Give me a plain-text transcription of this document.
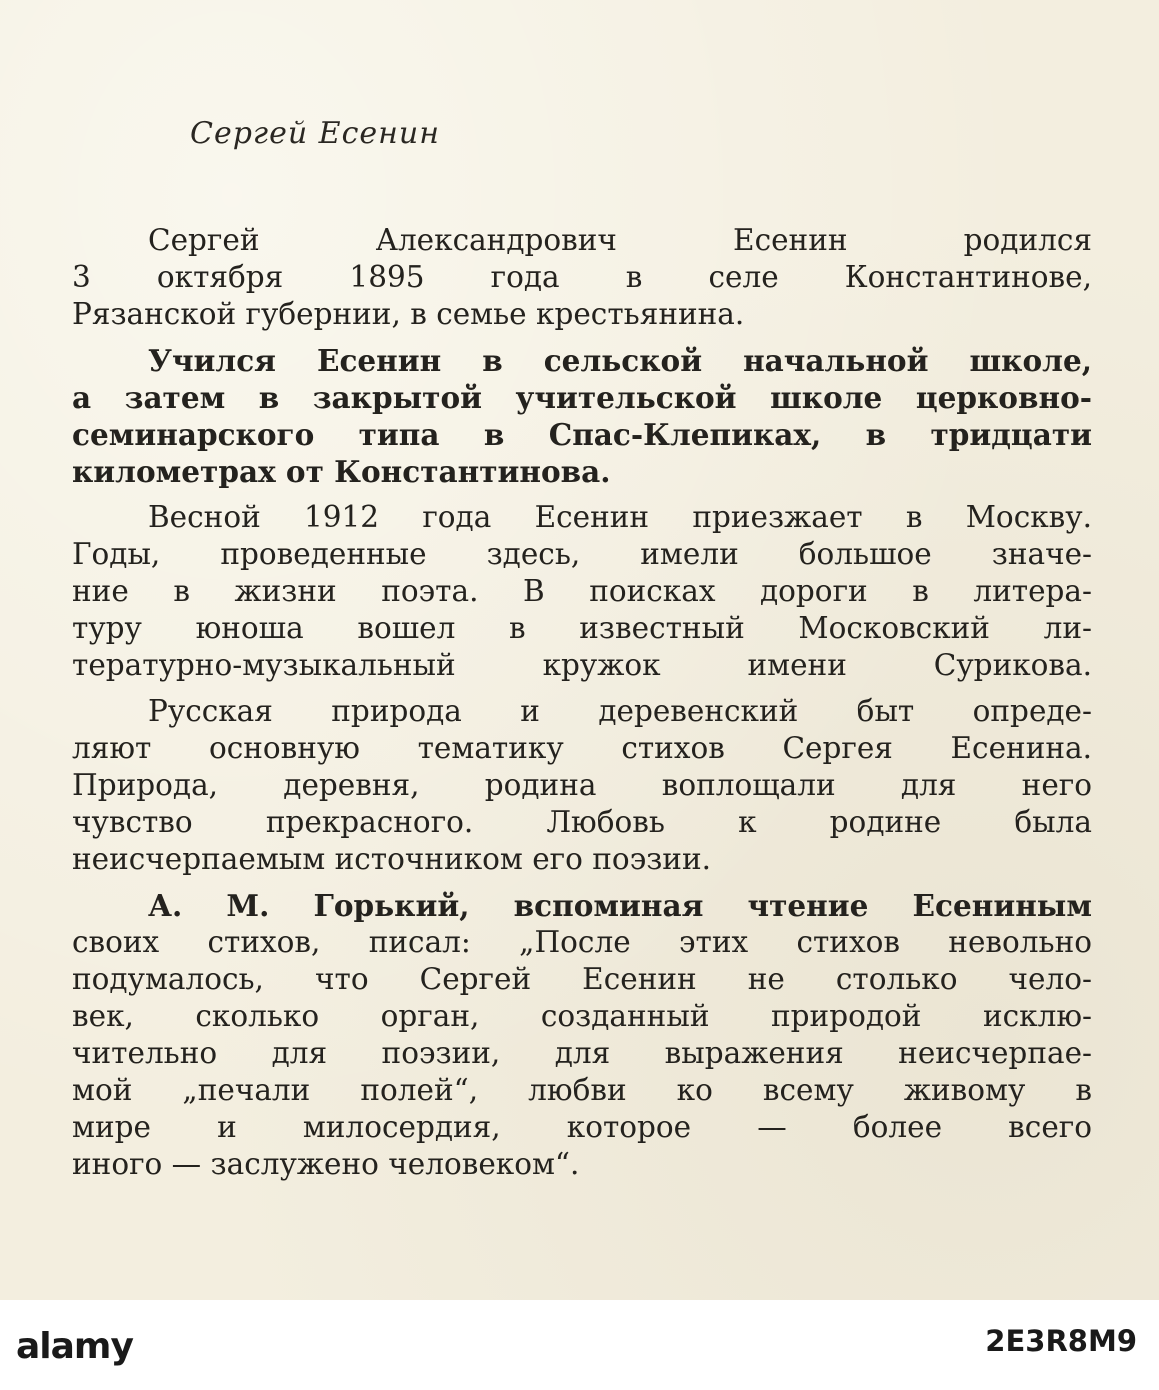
Сергей Есенин
Сергей Александрович Есенин родился
3 октября 1895 года в селе Константинове,
Рязанской губернии, в семье крестьянина.
Учился Есенин в сельской начальной школе,
а затем в закрытой учительской школе церковно-
семинарского типа в Спас-Клепиках, в тридцати
километрах от Константинова.
Весной 1912 года Есенин приезжает в Москву.
Годы, проведенные здесь, имели большое значе-
ние в жизни поэта. В поисках дороги в литера-
туру юноша вошел в известный Московский ли-
тературно-музыкальный кружок имени Сурикова.
Русская природа и деревенский быт опреде-
ляют основную тематику стихов Сергея Есенина.
Природа, деревня, родина воплощали для него
чувство прекрасного. Любовь к родине была
неисчерпаемым источником его поэзии.
А. М. Горький, вспоминая чтение Есениным
своих стихов, писал: „После этих стихов невольно
подумалось, что Сергей Есенин не столько чело-
век, сколько орган, созданный природой исклю-
чительно для поэзии, для выражения неисчерпае-
мой „печали полей“, любви ко всему живому в
мире и милосердия, которое — более всего
иного — заслужено человеком“.
alamy	2E3R8M9
